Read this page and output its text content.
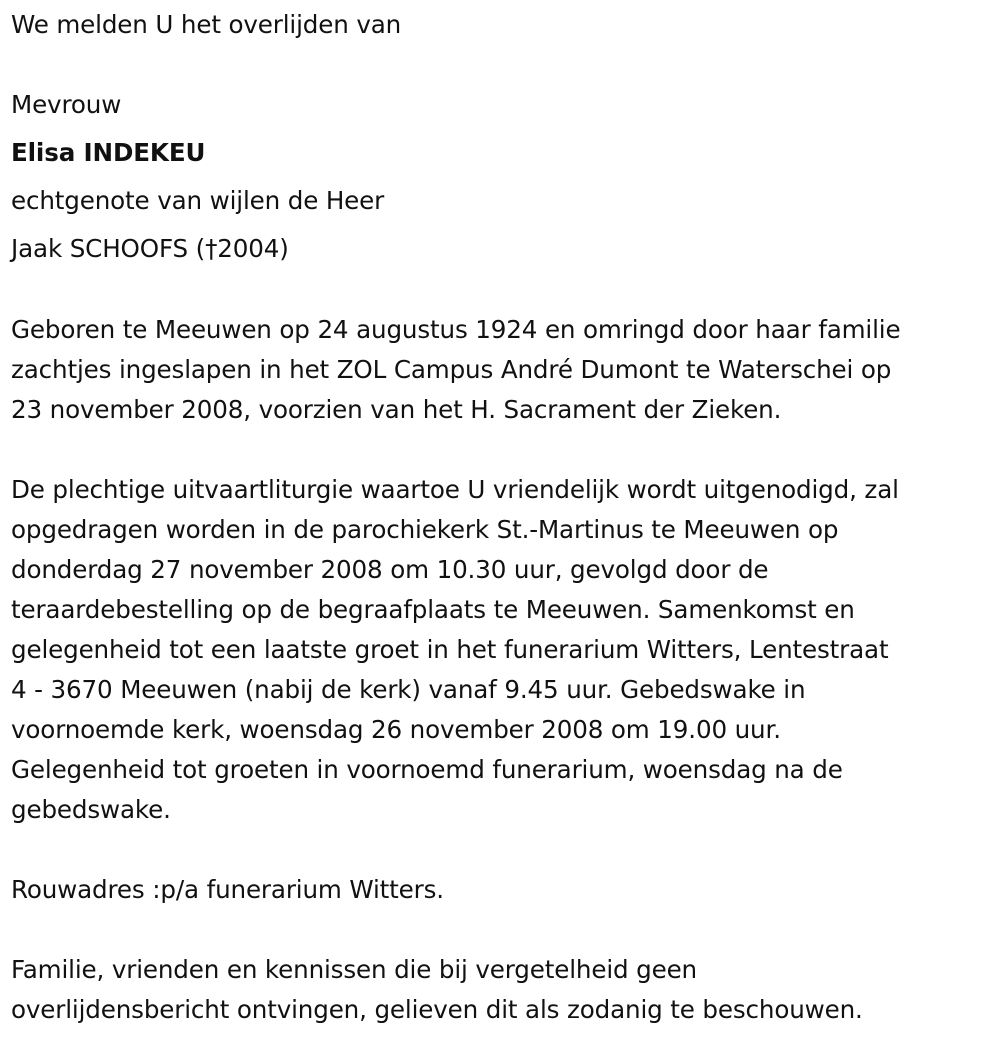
We melden U het overlijden van
Mevrouw
Elisa INDEKEU
echtgenote van wijlen de Heer
Jaak SCHOOFS (†2004)
Geboren te Meeuwen op 24 augustus 1924 en omringd door haar familie
zachtjes ingeslapen in het ZOL Campus André Dumont te Waterschei op
23 november 2008, voorzien van het H. Sacrament der Zieken.
De plechtige uitvaartliturgie waartoe U vriendelijk wordt uitgenodigd, zal
opgedragen worden in de parochiekerk St.-Martinus te Meeuwen op
donderdag 27 november 2008 om 10.30 uur, gevolgd door de
teraardebestelling op de begraafplaats te Meeuwen. Samenkomst en
gelegenheid tot een laatste groet in het funerarium Witters, Lentestraat
4 - 3670 Meeuwen (nabij de kerk) vanaf 9.45 uur. Gebedswake in
voornoemde kerk, woensdag 26 november 2008 om 19.00 uur.
Gelegenheid tot groeten in voornoemd funerarium, woensdag na de
gebedswake.
Rouwadres :p/a funerarium Witters.
Familie, vrienden en kennissen die bij vergetelheid geen
overlijdensbericht ontvingen, gelieven dit als zodanig te beschouwen.
